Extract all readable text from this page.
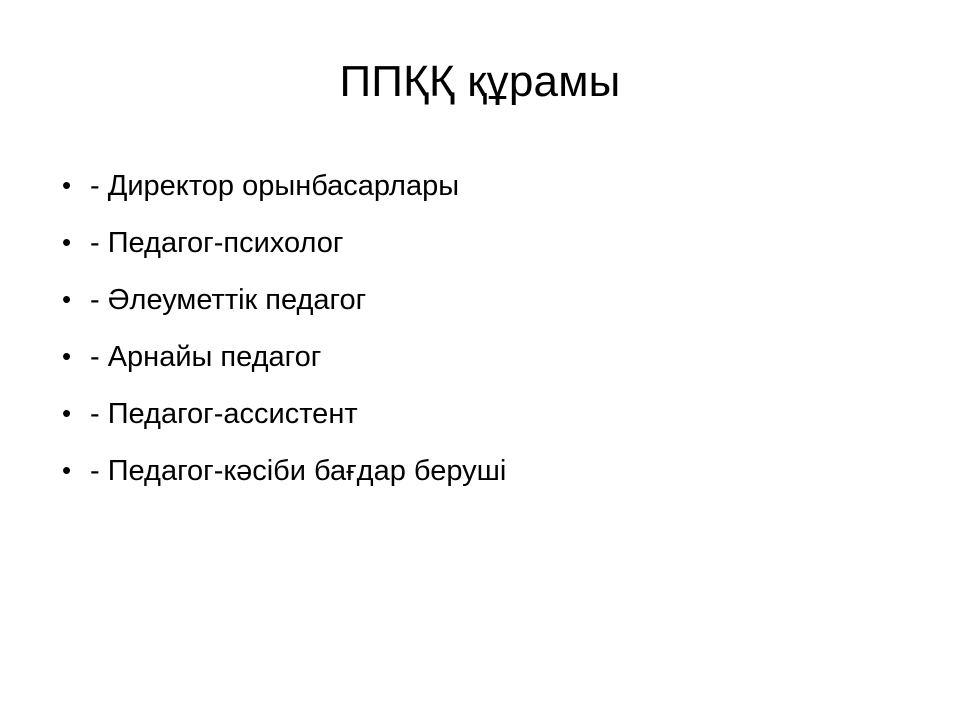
ППҚҚ құрамы
• - Директор орынбасарлары
• - Педагог-психолог
• - Әлеуметтік педагог
• - Арнайы педагог
• - Педагог-ассистент
• - Педагог-кәсіби бағдар беруші
